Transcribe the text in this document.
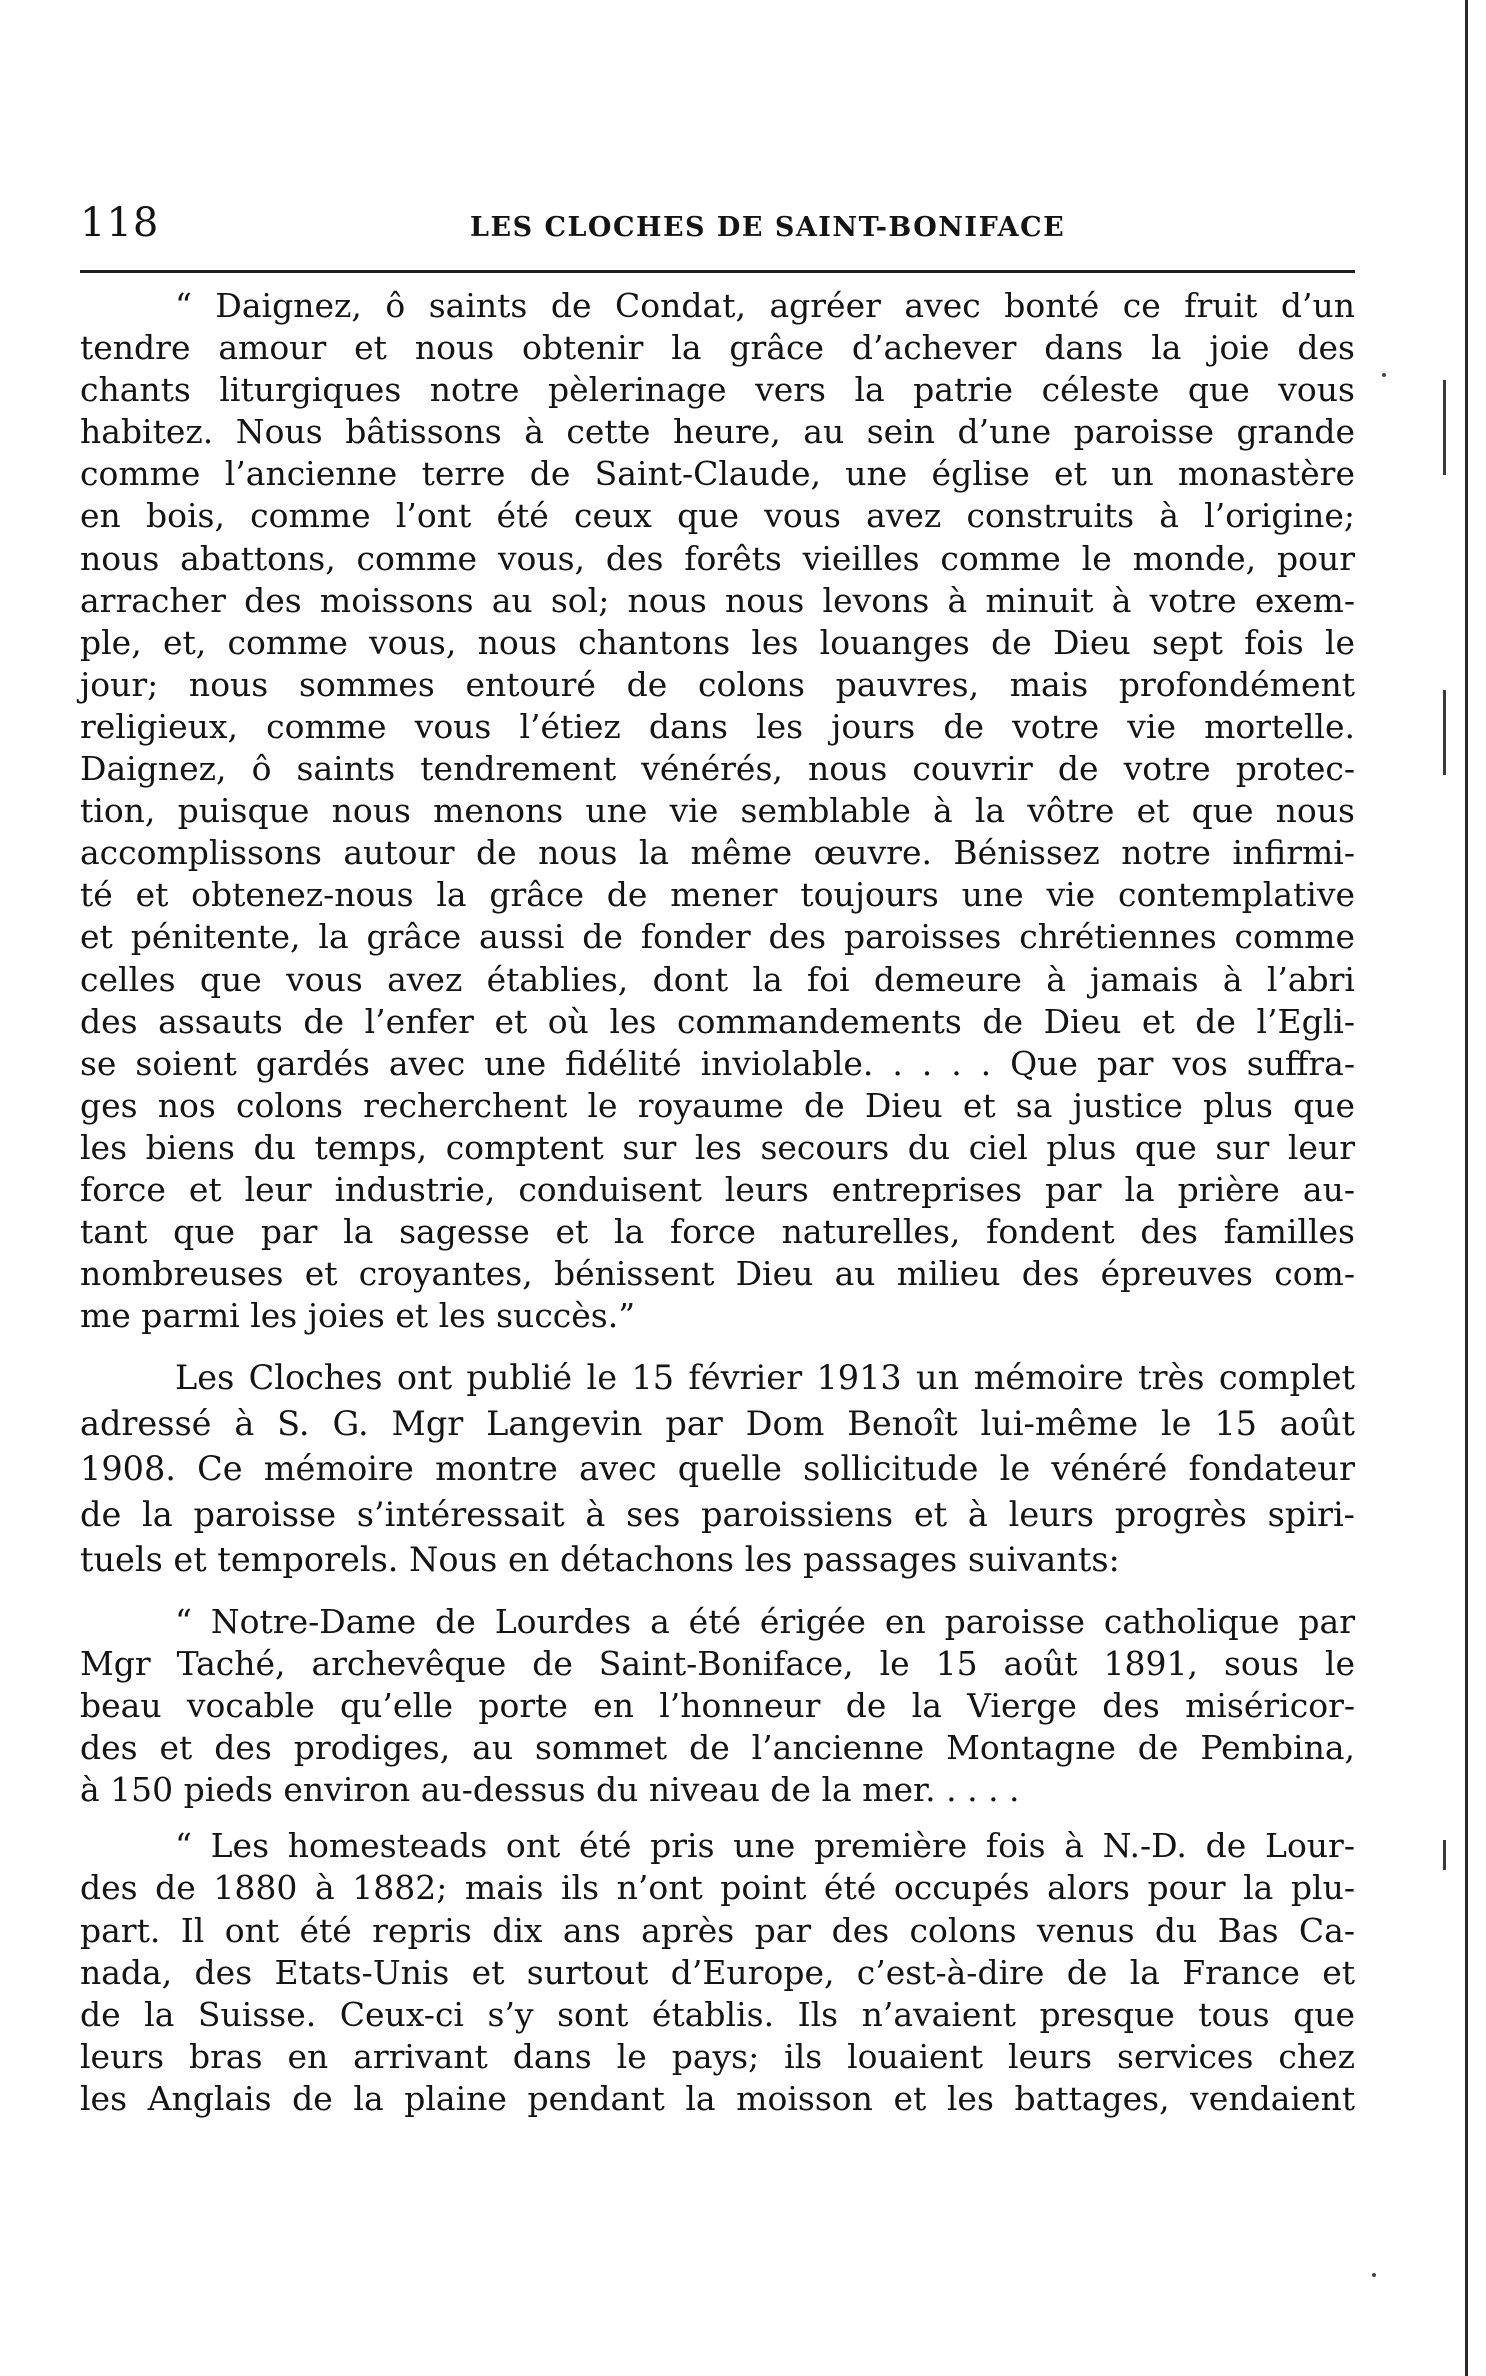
118	LES CLOCHES DE SAINT-BONIFACE

“ Daignez, ô saints de Condat, agréer avec bonté ce fruit d’un
tendre amour et nous obtenir la grâce d’achever dans la joie des
chants liturgiques notre pèlerinage vers la patrie céleste que vous
habitez. Nous bâtissons à cette heure, au sein d’une paroisse grande
comme l’ancienne terre de Saint-Claude, une église et un monastère
en bois, comme l’ont été ceux que vous avez construits à l’origine;
nous abattons, comme vous, des forêts vieilles comme le monde, pour
arracher des moissons au sol; nous nous levons à minuit à votre exem-
ple, et, comme vous, nous chantons les louanges de Dieu sept fois le
jour; nous sommes entouré de colons pauvres, mais profondément
religieux, comme vous l’étiez dans les jours de votre vie mortelle.
Daignez, ô saints tendrement vénérés, nous couvrir de votre protec-
tion, puisque nous menons une vie semblable à la vôtre et que nous
accomplissons autour de nous la même œuvre. Bénissez notre infirmi-
té et obtenez-nous la grâce de mener toujours une vie contemplative
et pénitente, la grâce aussi de fonder des paroisses chrétiennes comme
celles que vous avez établies, dont la foi demeure à jamais à l’abri
des assauts de l’enfer et où les commandements de Dieu et de l’Egli-
se soient gardés avec une fidélité inviolable. . . . . Que par vos suffra-
ges nos colons recherchent le royaume de Dieu et sa justice plus que
les biens du temps, comptent sur les secours du ciel plus que sur leur
force et leur industrie, conduisent leurs entreprises par la prière au-
tant que par la sagesse et la force naturelles, fondent des familles
nombreuses et croyantes, bénissent Dieu au milieu des épreuves com-
me parmi les joies et les succès.”

Les Cloches ont publié le 15 février 1913 un mémoire très complet
adressé à S. G. Mgr Langevin par Dom Benoît lui-même le 15 août
1908. Ce mémoire montre avec quelle sollicitude le vénéré fondateur
de la paroisse s’intéressait à ses paroissiens et à leurs progrès spiri-
tuels et temporels. Nous en détachons les passages suivants:

“ Notre-Dame de Lourdes a été érigée en paroisse catholique par
Mgr Taché, archevêque de Saint-Boniface, le 15 août 1891, sous le
beau vocable qu’elle porte en l’honneur de la Vierge des miséricor-
des et des prodiges, au sommet de l’ancienne Montagne de Pembina,
à 150 pieds environ au-dessus du niveau de la mer. . . . .

“ Les homesteads ont été pris une première fois à N.-D. de Lour-
des de 1880 à 1882; mais ils n’ont point été occupés alors pour la plu-
part. Il ont été repris dix ans après par des colons venus du Bas Ca-
nada, des Etats-Unis et surtout d’Europe, c’est-à-dire de la France et
de la Suisse. Ceux-ci s’y sont établis. Ils n’avaient presque tous que
leurs bras en arrivant dans le pays; ils louaient leurs services chez
les Anglais de la plaine pendant la moisson et les battages, vendaient
